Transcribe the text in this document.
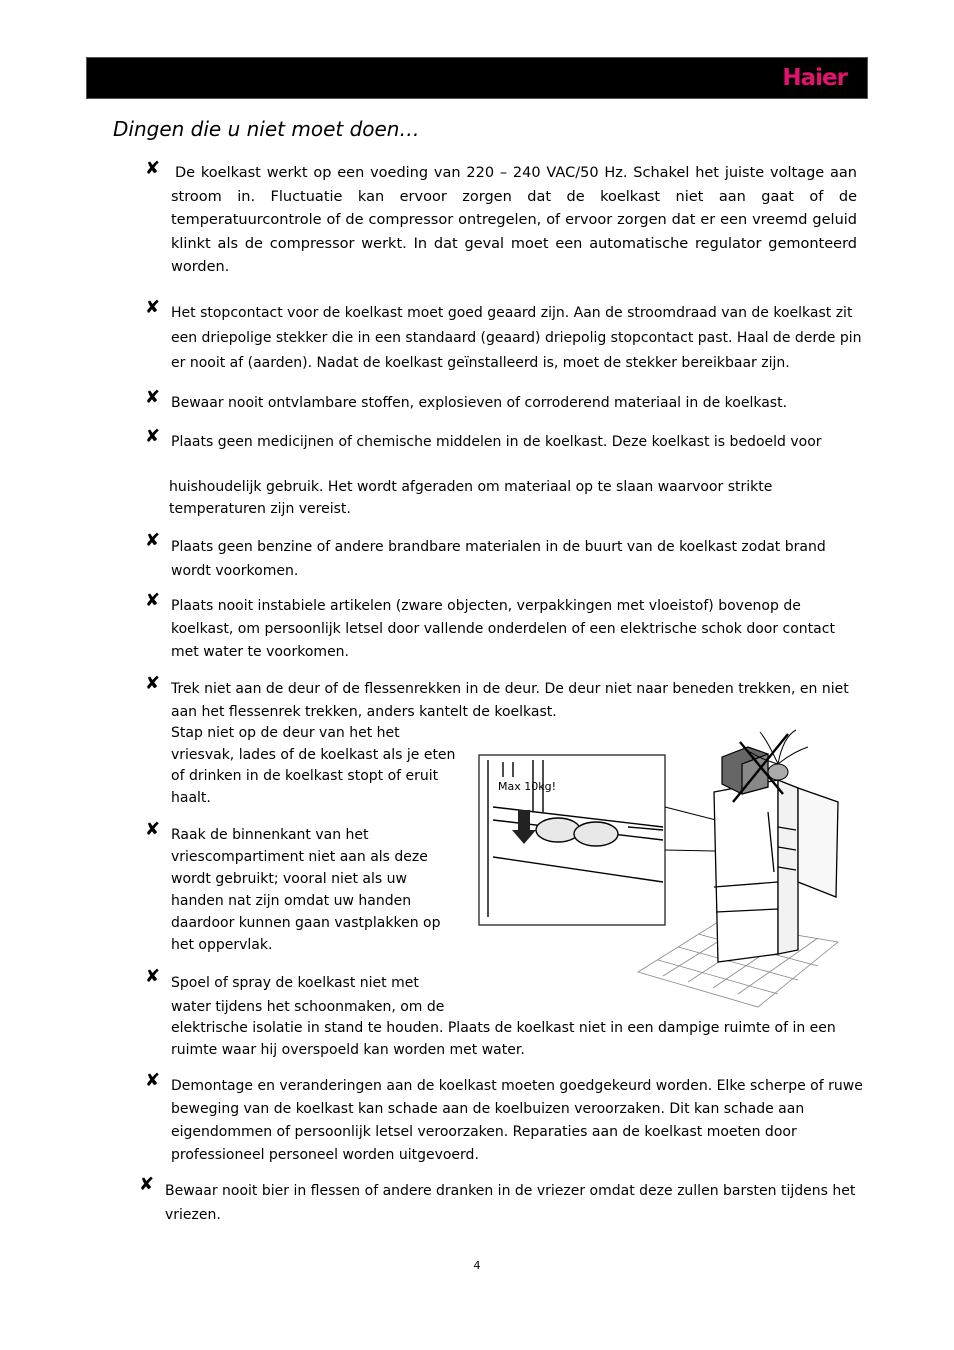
Haier
Dingen die u niet moet doen…
✘ De koelkast werkt op een voeding van 220 – 240 VAC/50 Hz. Schakel het juiste voltage aan stroom in. Fluctuatie kan ervoor zorgen dat de koelkast niet aan gaat of de temperatuurcontrole of de compressor ontregelen, of ervoor zorgen dat er een vreemd geluid klinkt als de compressor werkt. In dat geval moet een automatische regulator gemonteerd worden.

✘ Het stopcontact voor de koelkast moet goed geaard zijn. Aan de stroomdraad van de koelkast zit een driepolige stekker die in een standaard (geaard) driepolig stopcontact past. Haal de derde pin er nooit af (aarden). Nadat de koelkast geïnstalleerd is, moet de stekker bereikbaar zijn.

✘ Bewaar nooit ontvlambare stoffen, explosieven of corroderend materiaal in de koelkast.

✘ Plaats geen medicijnen of chemische middelen in de koelkast. Deze koelkast is bedoeld voor

huishoudelijk gebruik. Het wordt afgeraden om materiaal op te slaan waarvoor strikte temperaturen zijn vereist.

✘ Plaats geen benzine of andere brandbare materialen in de buurt van de koelkast zodat brand wordt voorkomen.

✘ Plaats nooit instabiele artikelen (zware objecten, verpakkingen met vloeistof) bovenop de koelkast, om persoonlijk letsel door vallende onderdelen of een elektrische schok door contact met water te voorkomen.

✘ Trek niet aan de deur of de flessenrekken in de deur. De deur niet naar beneden trekken, en niet aan het flessenrek trekken, anders kantelt de koelkast.

Stap niet op de deur van het het vriesvak, lades of de koelkast als je eten of drinken in de koelkast stopt of eruit haalt.

✘ Raak de binnenkant van het vriescompartiment niet aan als deze wordt gebruikt; vooral niet als uw handen nat zijn omdat uw handen daardoor kunnen gaan vastplakken op het oppervlak.

✘ Spoel of spray de koelkast niet met water tijdens het schoonmaken, om de

elektrische isolatie in stand te houden. Plaats de koelkast niet in een dampige ruimte of in een ruimte waar hij overspoeld kan worden met water.

✘ Demontage en veranderingen aan de koelkast moeten goedgekeurd worden. Elke scherpe of ruwe beweging van de koelkast kan schade aan de koelbuizen veroorzaken. Dit kan schade aan eigendommen of persoonlijk letsel veroorzaken. Reparaties aan de koelkast moeten door professioneel personeel worden uitgevoerd.

✘ Bewaar nooit bier in flessen of andere dranken in de vriezer omdat deze zullen barsten tijdens het vriezen.

Max 10kg!
4
